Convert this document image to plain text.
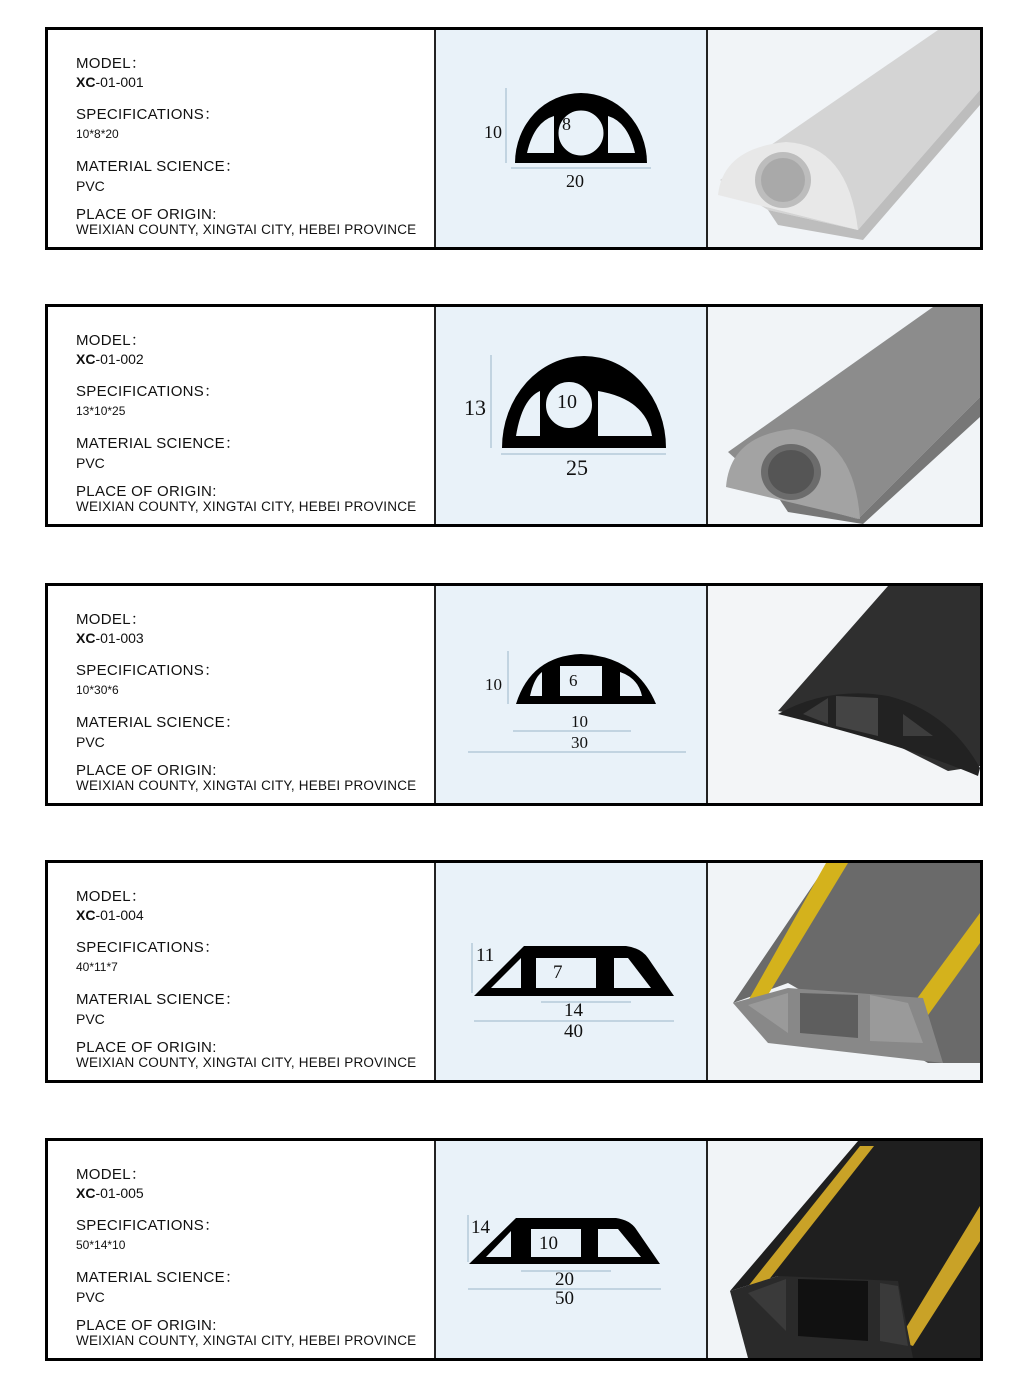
MODEL：
XC-01-001
SPECIFICATIONS：
10*8*20
MATERIAL SCIENCE：
PVC
PLACE OF ORIGIN:
WEIXIAN COUNTY, XINGTAI CITY, HEBEI PROVINCE
10	8
20
MODEL：
XC-01-002
SPECIFICATIONS：
13*10*25
MATERIAL SCIENCE：
PVC
PLACE OF ORIGIN:
WEIXIAN COUNTY, XINGTAI CITY, HEBEI PROVINCE
13	10
25
MODEL：
XC-01-003
SPECIFICATIONS：
10*30*6
MATERIAL SCIENCE：
PVC
PLACE OF ORIGIN:
WEIXIAN COUNTY, XINGTAI CITY, HEBEI PROVINCE
10	6
10
30
MODEL：
XC-01-004
SPECIFICATIONS：
40*11*7
MATERIAL SCIENCE：
PVC
PLACE OF ORIGIN:
WEIXIAN COUNTY, XINGTAI CITY, HEBEI PROVINCE
11
7
14
40
MODEL：
XC-01-005
SPECIFICATIONS：
50*14*10
MATERIAL SCIENCE：
PVC
PLACE OF ORIGIN:
WEIXIAN COUNTY, XINGTAI CITY, HEBEI PROVINCE
14
10
20
50
